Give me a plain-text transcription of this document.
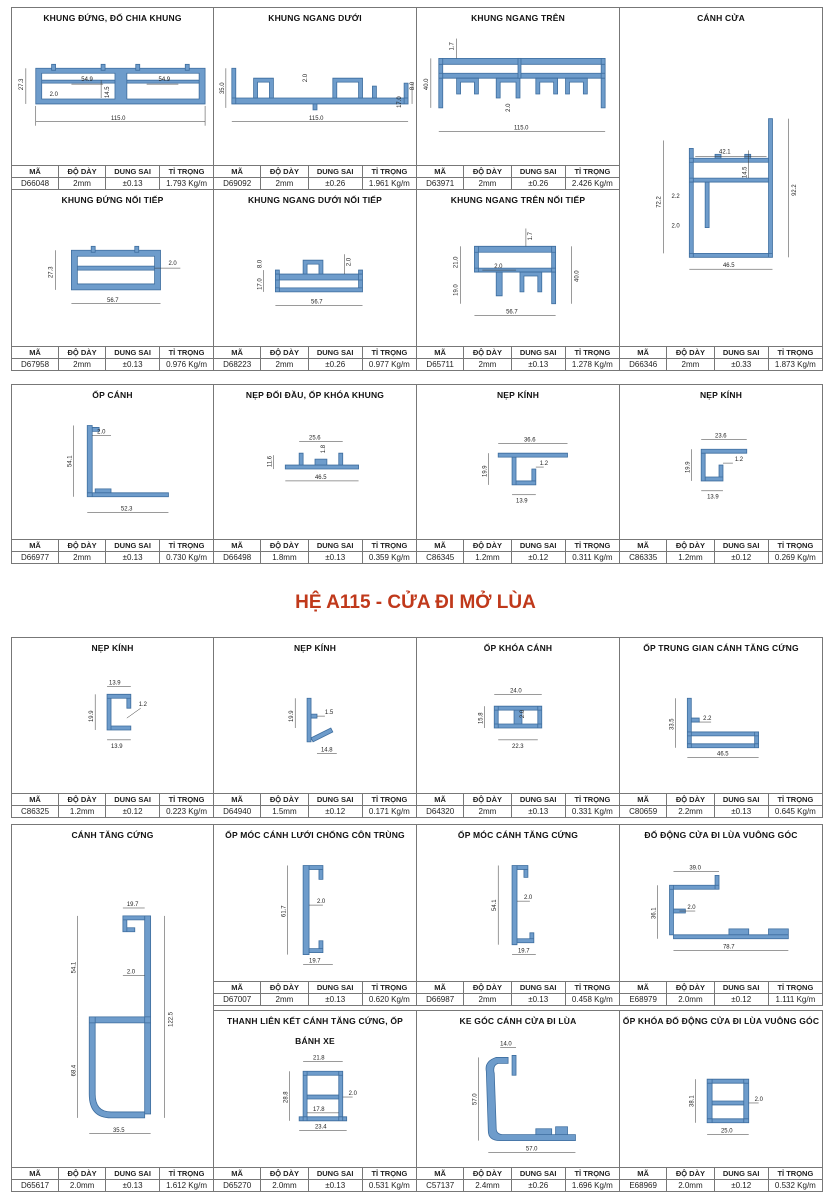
KHUNG ĐỨNG, ĐỐ CHIA KHUNG
27.3	54.9	54.9
2.0	14.5
115.0
MÃ	ĐỘ DÀY	DUNG SAI	TỈ TRỌNG
D66048	2mm	±0.13	1.793 Kg/m
KHUNG NGANG DƯỚI
35.0
2.0
8.0
17.0
115.0
MÃ	ĐỘ DÀY	DUNG SAI	TỈ TRỌNG
D69092	2mm	±0.26	1.961 Kg/m
KHUNG NGANG TRÊN
1.7
40.0
2.0
115.0
MÃ	ĐỘ DÀY	DUNG SAI	TỈ TRỌNG
D63971	2mm	±0.26	2.426 Kg/m
CÁNH CỬA
42.1
14.5
72.2
92.2
2.2
2.0
46.5
MÃ	ĐỘ DÀY	DUNG SAI	TỈ TRỌNG
D66346	2mm	±0.33	1.873 Kg/m
KHUNG ĐỨNG NỐI TIẾP
27.3
2.0
56.7
MÃ	ĐỘ DÀY	DUNG SAI	TỈ TRỌNG
D67958	2mm	±0.13	0.976 Kg/m
KHUNG NGANG DƯỚI NỐI TIẾP
8.0	2.0
17.0
56.7
MÃ	ĐỘ DÀY	DUNG SAI	TỈ TRỌNG
D68223	2mm	±0.26	0.977 Kg/m
KHUNG NGANG TRÊN NỐI TIẾP
1.7
21.0	2.0
40.0
19.0
56.7
MÃ	ĐỘ DÀY	DUNG SAI	TỈ TRỌNG
D65711	2mm	±0.13	1.278 Kg/m
ỐP CÁNH
54.1
2.0
52.3
MÃ	ĐỘ DÀY	DUNG SAI	TỈ TRỌNG
D66977	2mm	±0.13	0.730 Kg/m
NẸP ĐỐI ĐẦU, ỐP KHÓA KHUNG
25.6
11.6
1.8
46.5
MÃ	ĐỘ DÀY	DUNG SAI	TỈ TRỌNG
D66498	1.8mm	±0.13	0.359 Kg/m
NẸP KÍNH
36.6
19.9
1.2
13.9
MÃ	ĐỘ DÀY	DUNG SAI	TỈ TRỌNG
C86345	1.2mm	±0.12	0.311 Kg/m
NẸP KÍNH
23.6
19.9
1.2
13.9
MÃ	ĐỘ DÀY	DUNG SAI	TỈ TRỌNG
C86335	1.2mm	±0.12	0.269 Kg/m
HỆ A115 - CỬA ĐI MỞ LÙA
NẸP KÍNH
13.9
19.9
1.2
13.9
MÃ	ĐỘ DÀY	DUNG SAI	TỈ TRỌNG
C86325	1.2mm	±0.12	0.223 Kg/m
NẸP KÍNH
19.9	1.5
14.8
MÃ	ĐỘ DÀY	DUNG SAI	TỈ TRỌNG
D64940	1.5mm	±0.12	0.171 Kg/m
ỐP KHÓA CÁNH
24.0
15.8	2.0
22.3
MÃ	ĐỘ DÀY	DUNG SAI	TỈ TRỌNG
D64320	2mm	±0.13	0.331 Kg/m
ỐP TRUNG GIAN CÁNH TĂNG CỨNG
33.5	2.2
46.5
MÃ	ĐỘ DÀY	DUNG SAI	TỈ TRỌNG
C80659	2.2mm	±0.13	0.645 Kg/m
CÁNH TĂNG CỨNG
19.7
54.1	2.0
122.5
68.4
35.5
MÃ	ĐỘ DÀY	DUNG SAI	TỈ TRỌNG
D65617	2.0mm	±0.13	1.612 Kg/m
ỐP MÓC CÁNH LƯỚI CHỐNG CÔN TRÙNG
61.7
2.0
19.7
MÃ	ĐỘ DÀY	DUNG SAI	TỈ TRỌNG
D67007	2mm	±0.13	0.620 Kg/m
ỐP MÓC CÁNH TĂNG CỨNG
54.1
2.0
19.7
MÃ	ĐỘ DÀY	DUNG SAI	TỈ TRỌNG
D66987	2mm	±0.13	0.458 Kg/m
ĐỐ ĐỘNG CỬA ĐI LÙA VUÔNG GÓC
39.0
36.1	2.0
78.7
MÃ	ĐỘ DÀY	DUNG SAI	TỈ TRỌNG
E68979	2.0mm	±0.12	1.111 Kg/m
THANH LIÊN KẾT CÁNH TĂNG CỨNG, ỐP BÁNH XE
21.8
28.8	2.0
17.8
23.4
MÃ	ĐỘ DÀY	DUNG SAI	TỈ TRỌNG
D65270	2.0mm	±0.13	0.531 Kg/m
KE GÓC CÁNH CỬA ĐI LÙA
14.0
57.0
57.0
MÃ	ĐỘ DÀY	DUNG SAI	TỈ TRỌNG
C57137	2.4mm	±0.26	1.696 Kg/m
ỐP KHÓA ĐỐ ĐỘNG CỬA ĐI LÙA VUÔNG GÓC
38.1	2.0
25.0
MÃ	ĐỘ DÀY	DUNG SAI	TỈ TRỌNG
E68969	2.0mm	±0.12	0.532 Kg/m
